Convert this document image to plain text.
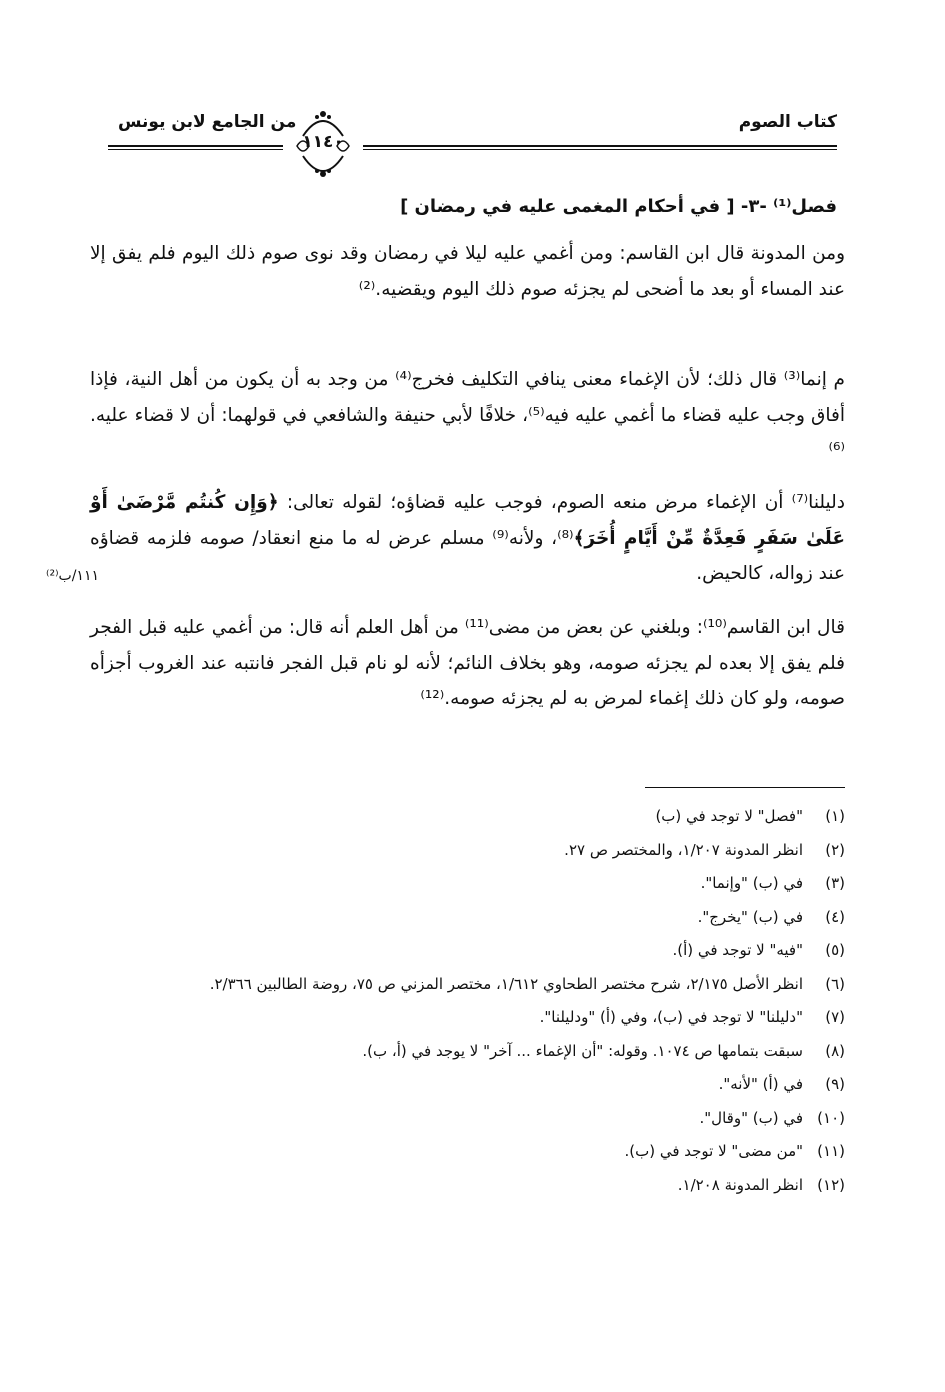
كتاب الصوم
من الجامع لابن يونس
١١٤٠
فصل⁽¹⁾ -٣- [ في أحكام المغمى عليه في رمضان ]
ومن المدونة قال ابن القاسم: ومن أغمي عليه ليلا في رمضان وقد نوى صوم ذلك اليوم فلم يفق إلا عند المساء أو بعد ما أضحى لم يجزئه صوم ذلك اليوم ويقضيه.⁽²⁾
م إنما⁽³⁾ قال ذلك؛ لأن الإغماء معنى ينافي التكليف فخرج⁽⁴⁾ من وجد به أن يكون من أهل النية، فإذا أفاق وجب عليه قضاء ما أغمي عليه فيه⁽⁵⁾، خلافًا لأبي حنيفة والشافعي في قولهما: أن لا قضاء عليه.⁽⁶⁾
دليلنا⁽⁷⁾ أن الإغماء مرض منعه الصوم، فوجب عليه قضاؤه؛ لقوله تعالى: ﴿وَإِن كُنتُم مَّرْضَىٰ أَوْ عَلَىٰ سَفَرٍ فَعِدَّةٌ مِّنْ أَيَّامٍ أُخَرَ﴾⁽⁸⁾، ولأنه⁽⁹⁾ مسلم عرض له ما منع انعقاد/ صومه فلزمه قضاؤه عند زواله، كالحيض.
قال ابن القاسم⁽¹⁰⁾: وبلغني عن بعض من مضى⁽¹¹⁾ من أهل العلم أنه قال: من أغمي عليه قبل الفجر فلم يفق إلا بعده لم يجزئه صومه، وهو بخلاف النائم؛ لأنه لو نام قبل الفجر فانتبه عند الغروب أجزأه صومه، ولو كان ذلك إغماء لمرض به لم يجزئه صومه.⁽¹²⁾
١١١/ب⁽²⁾
(١)
"فصل" لا توجد في (ب)
(٢)
انظر المدونة ١/٢٠٧، والمختصر ص ٢٧.
(٣)
في (ب) "وإنما".
(٤)
في (ب) "يخرج".
(٥)
"فيه" لا توجد في (أ).
(٦)
انظر الأصل ٢/١٧٥، شرح مختصر الطحاوي ١/٦١٢، مختصر المزني ص ٧٥، روضة الطالبين ٢/٣٦٦.
(٧)
"دليلنا" لا توجد في (ب)، وفي (أ) "ودليلنا".
(٨)
سبقت بتمامها ص ١٠٧٤. وقوله: "أن الإغماء ... آخر" لا يوجد في (أ، ب).
(٩)
في (أ) "لأنه".
(١٠)
في (ب) "وقال".
(١١)
"من مضى" لا توجد في (ب).
(١٢)
انظر المدونة ١/٢٠٨.
